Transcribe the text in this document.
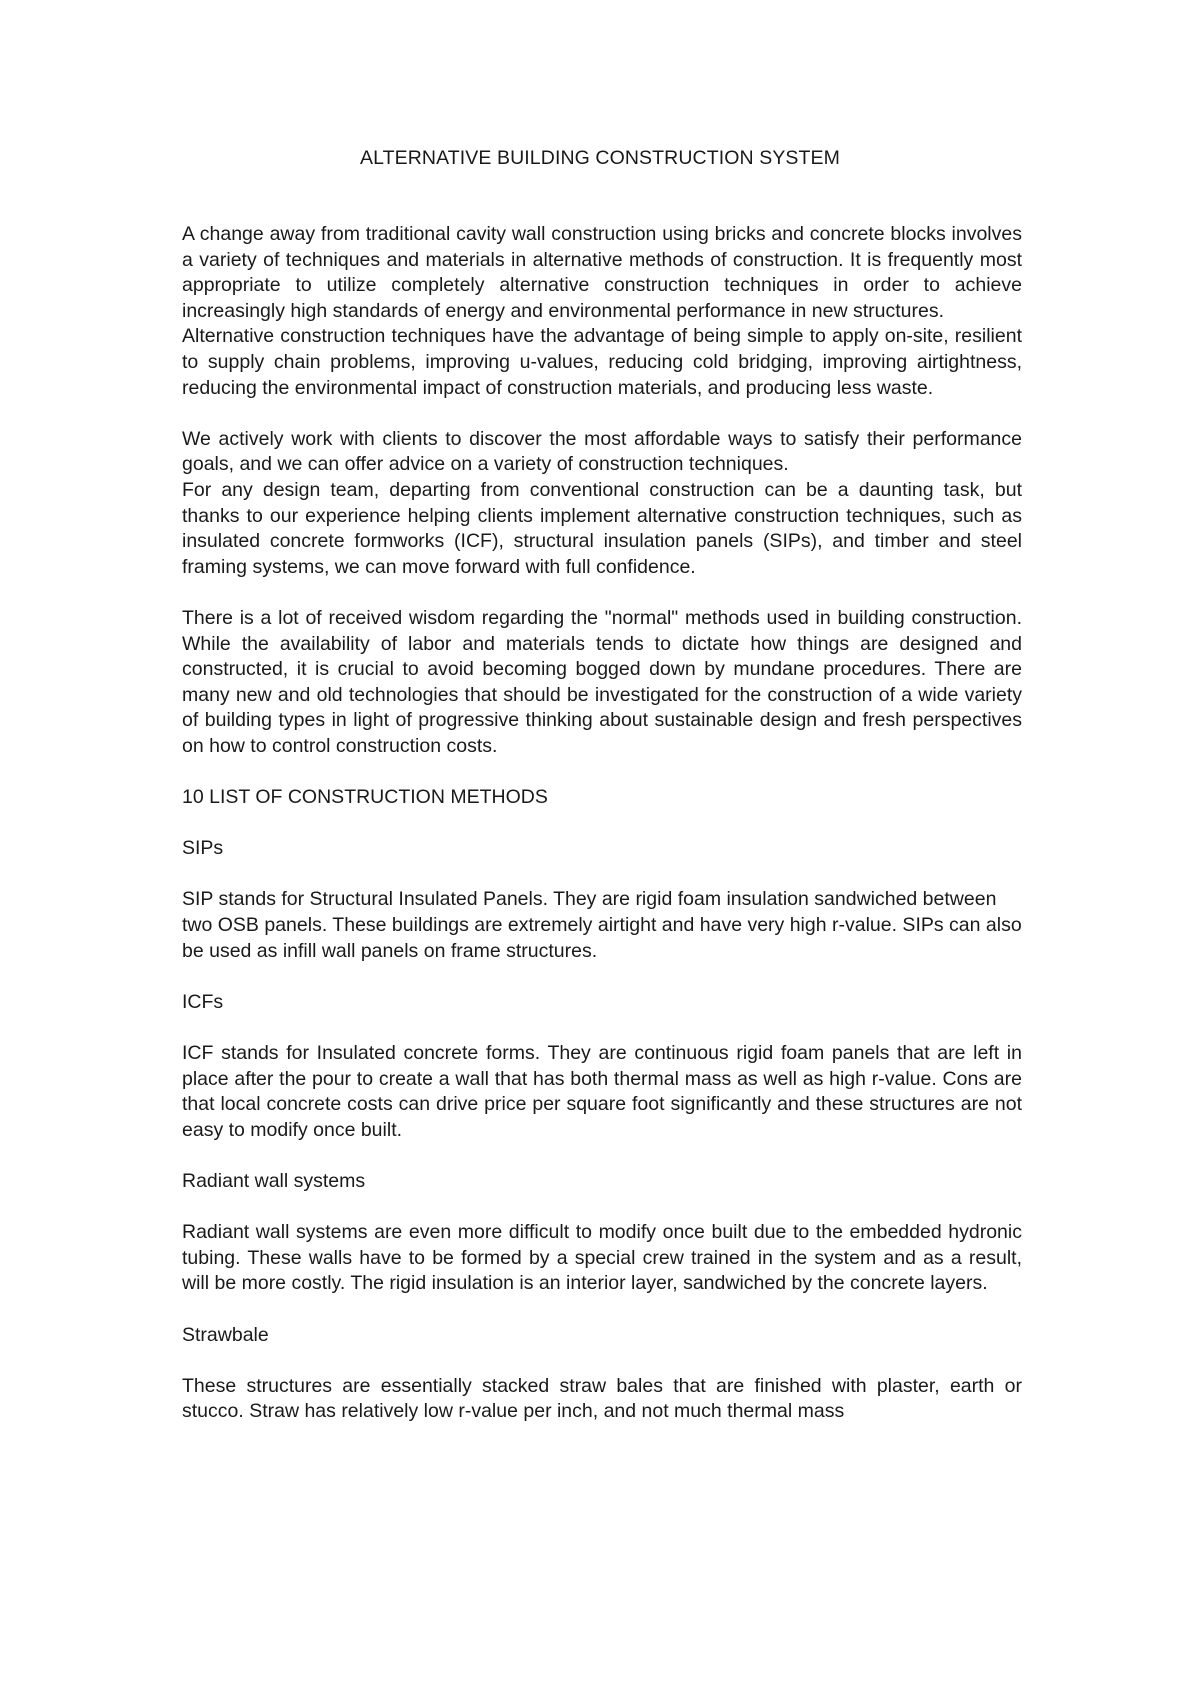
ALTERNATIVE BUILDING CONSTRUCTION SYSTEM

A change away from traditional cavity wall construction using bricks and concrete blocks involves a variety of techniques and materials in alternative methods of construction. It is frequently most appropriate to utilize completely alternative construction techniques in order to achieve increasingly high standards of energy and environmental performance in new structures.

Alternative construction techniques have the advantage of being simple to apply on-site, resilient to supply chain problems, improving u-values, reducing cold bridging, improving airtightness, reducing the environmental impact of construction materials, and producing less waste.

We actively work with clients to discover the most affordable ways to satisfy their performance goals, and we can offer advice on a variety of construction techniques.

For any design team, departing from conventional construction can be a daunting task, but thanks to our experience helping clients implement alternative construction techniques, such as insulated concrete formworks (ICF), structural insulation panels (SIPs), and timber and steel framing systems, we can move forward with full confidence.

There is a lot of received wisdom regarding the "normal" methods used in building construction. While the availability of labor and materials tends to dictate how things are designed and constructed, it is crucial to avoid becoming bogged down by mundane procedures. There are many new and old technologies that should be investigated for the construction of a wide variety of building types in light of progressive thinking about sustainable design and fresh perspectives on how to control construction costs.

10 LIST OF CONSTRUCTION METHODS

SIPs

SIP stands for Structural Insulated Panels. They are rigid foam insulation sandwiched between two OSB panels. These buildings are extremely airtight and have very high r-value. SIPs can also be used as infill wall panels on frame structures.

ICFs

ICF stands for Insulated concrete forms. They are continuous rigid foam panels that are left in place after the pour to create a wall that has both thermal mass as well as high r-value. Cons are that local concrete costs can drive price per square foot significantly and these structures are not easy to modify once built.

Radiant wall systems

Radiant wall systems are even more difficult to modify once built due to the embedded hydronic tubing. These walls have to be formed by a special crew trained in the system and as a result, will be more costly. The rigid insulation is an interior layer, sandwiched by the concrete layers.

Strawbale

These structures are essentially stacked straw bales that are finished with plaster, earth or stucco. Straw has relatively low r-value per inch, and not much thermal mass
